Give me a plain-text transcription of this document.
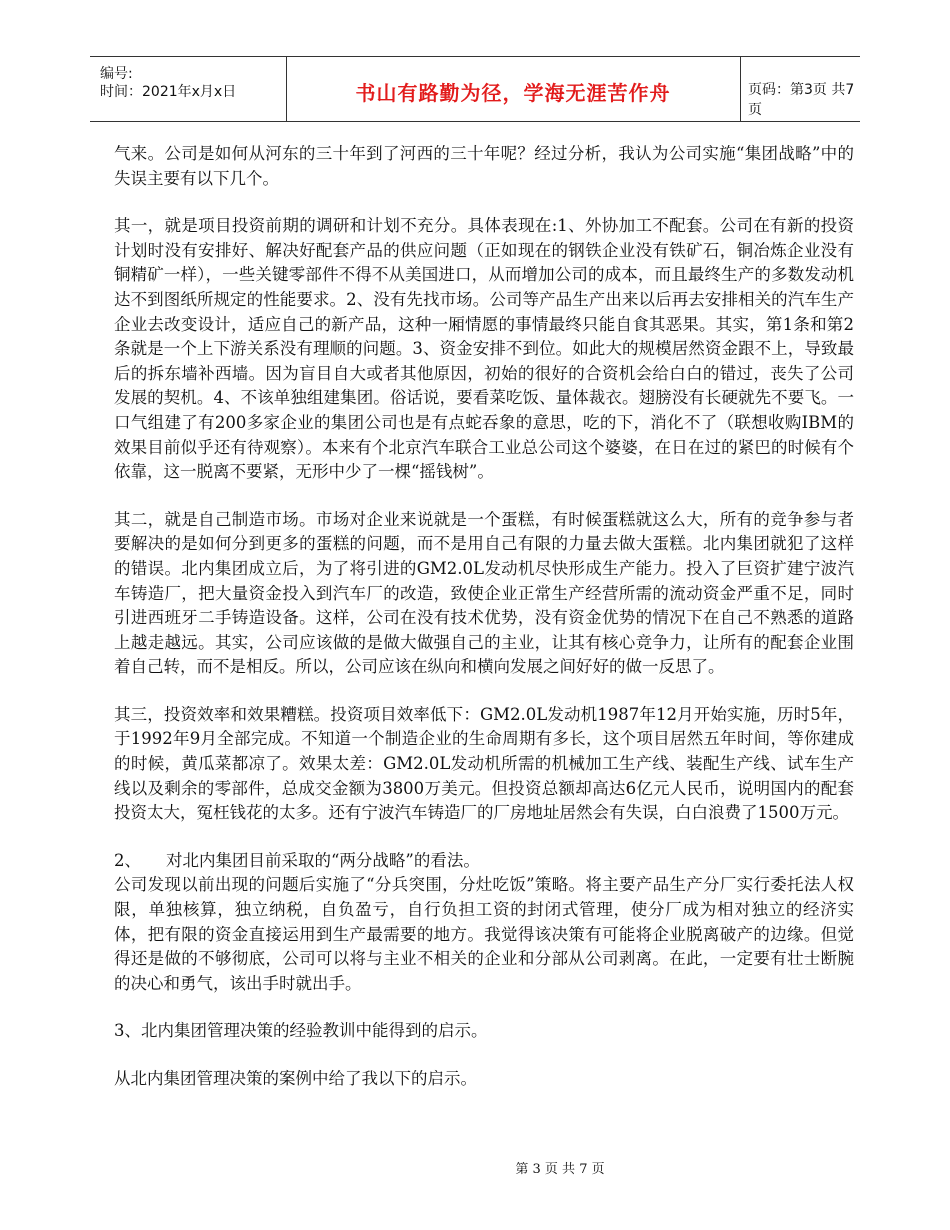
编号:
时间：2021年x月x日	书山有路勤为径，学海无涯苦作舟	页码：第3页 共7页

气来。公司是如何从河东的三十年到了河西的三十年呢？经过分析，我认为公司实施“集团战略”中的失误主要有以下几个。

其一，就是项目投资前期的调研和计划不充分。具体表现在:1、外协加工不配套。公司在有新的投资计划时没有安排好、解决好配套产品的供应问题（正如现在的钢铁企业没有铁矿石，铜冶炼企业没有铜精矿一样），一些关键零部件不得不从美国进口，从而增加公司的成本，而且最终生产的多数发动机达不到图纸所规定的性能要求。2、没有先找市场。公司等产品生产出来以后再去安排相关的汽车生产企业去改变设计，适应自己的新产品，这种一厢情愿的事情最终只能自食其恶果。其实，第1条和第2条就是一个上下游关系没有理顺的问题。3、资金安排不到位。如此大的规模居然资金跟不上，导致最后的拆东墙补西墙。因为盲目自大或者其他原因，初始的很好的合资机会给白白的错过，丧失了公司发展的契机。4、不该单独组建集团。俗话说，要看菜吃饭、量体裁衣。翅膀没有长硬就先不要飞。一口气组建了有200多家企业的集团公司也是有点蛇吞象的意思，吃的下，消化不了（联想收购IBM的效果目前似乎还有待观察）。本来有个北京汽车联合工业总公司这个婆婆，在日在过的紧巴的时候有个依靠，这一脱离不要紧，无形中少了一棵“摇钱树”。

其二，就是自己制造市场。市场对企业来说就是一个蛋糕，有时候蛋糕就这么大，所有的竞争参与者要解决的是如何分到更多的蛋糕的问题，而不是用自己有限的力量去做大蛋糕。北内集团就犯了这样的错误。北内集团成立后，为了将引进的GM2.0L发动机尽快形成生产能力。投入了巨资扩建宁波汽车铸造厂，把大量资金投入到汽车厂的改造，致使企业正常生产经营所需的流动资金严重不足，同时引进西班牙二手铸造设备。这样，公司在没有技术优势，没有资金优势的情况下在自己不熟悉的道路上越走越远。其实，公司应该做的是做大做强自己的主业，让其有核心竞争力，让所有的配套企业围着自己转，而不是相反。所以，公司应该在纵向和横向发展之间好好的做一反思了。

其三，投资效率和效果糟糕。投资项目效率低下：GM2.0L发动机1987年12月开始实施，历时5年，于1992年9月全部完成。不知道一个制造企业的生命周期有多长，这个项目居然五年时间，等你建成的时候，黄瓜菜都凉了。效果太差：GM2.0L发动机所需的机械加工生产线、装配生产线、试车生产线以及剩余的零部件，总成交金额为3800万美元。但投资总额却高达6亿元人民币，说明国内的配套投资太大，冤枉钱花的太多。还有宁波汽车铸造厂的厂房地址居然会有失误，白白浪费了1500万元。

2、 对北内集团目前采取的“两分战略”的看法。

公司发现以前出现的问题后实施了“分兵突围，分灶吃饭”策略。将主要产品生产分厂实行委托法人权限，单独核算，独立纳税，自负盈亏，自行负担工资的封闭式管理，使分厂成为相对独立的经济实体，把有限的资金直接运用到生产最需要的地方。我觉得该决策有可能将企业脱离破产的边缘。但觉得还是做的不够彻底，公司可以将与主业不相关的企业和分部从公司剥离。在此，一定要有壮士断腕的决心和勇气，该出手时就出手。

3、北内集团管理决策的经验教训中能得到的启示。

从北内集团管理决策的案例中给了我以下的启示。

第 3 页 共 7 页
